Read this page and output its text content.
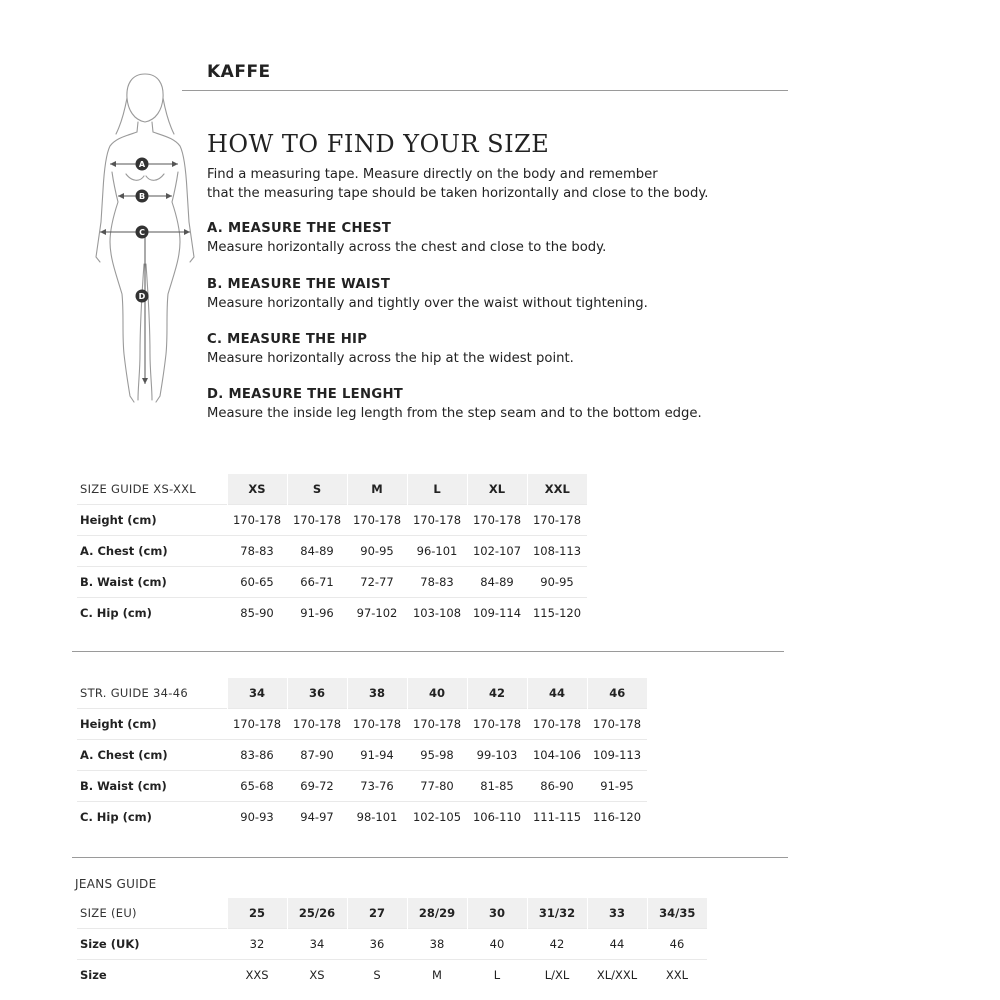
KAFFE
A
B
C
D
HOW TO FIND YOUR SIZE
Find a measuring tape. Measure directly on the body and remember
that the measuring tape should be taken horizontally and close to the body.
A. MEASURE THE CHEST
Measure horizontally across the chest and close to the body.
B. MEASURE THE WAIST
Measure horizontally and tightly over the waist without tightening.
C. MEASURE THE HIP
Measure horizontally across the hip at the widest point.
D. MEASURE THE LENGHT
Measure the inside leg length from the step seam and to the bottom edge.
SIZE GUIDE XS-XXL	XS	S	M	L	XL	XXL
Height (cm)	170-178	170-178	170-178	170-178	170-178	170-178
A. Chest (cm)	78-83	84-89	90-95	96-101	102-107	108-113
B. Waist (cm)	60-65	66-71	72-77	78-83	84-89	90-95
C. Hip (cm)	85-90	91-96	97-102	103-108	109-114	115-120
STR. GUIDE 34-46	34	36	38	40	42	44	46
Height (cm)	170-178	170-178	170-178	170-178	170-178	170-178	170-178
A. Chest (cm)	83-86	87-90	91-94	95-98	99-103	104-106	109-113
B. Waist (cm)	65-68	69-72	73-76	77-80	81-85	86-90	91-95
C. Hip (cm)	90-93	94-97	98-101	102-105	106-110	111-115	116-120
JEANS GUIDE
SIZE (EU)	25	25/26	27	28/29	30	31/32	33	34/35
Size (UK)	32	34	36	38	40	42	44	46
Size	XXS	XS	S	M	L	L/XL	XL/XXL	XXL
